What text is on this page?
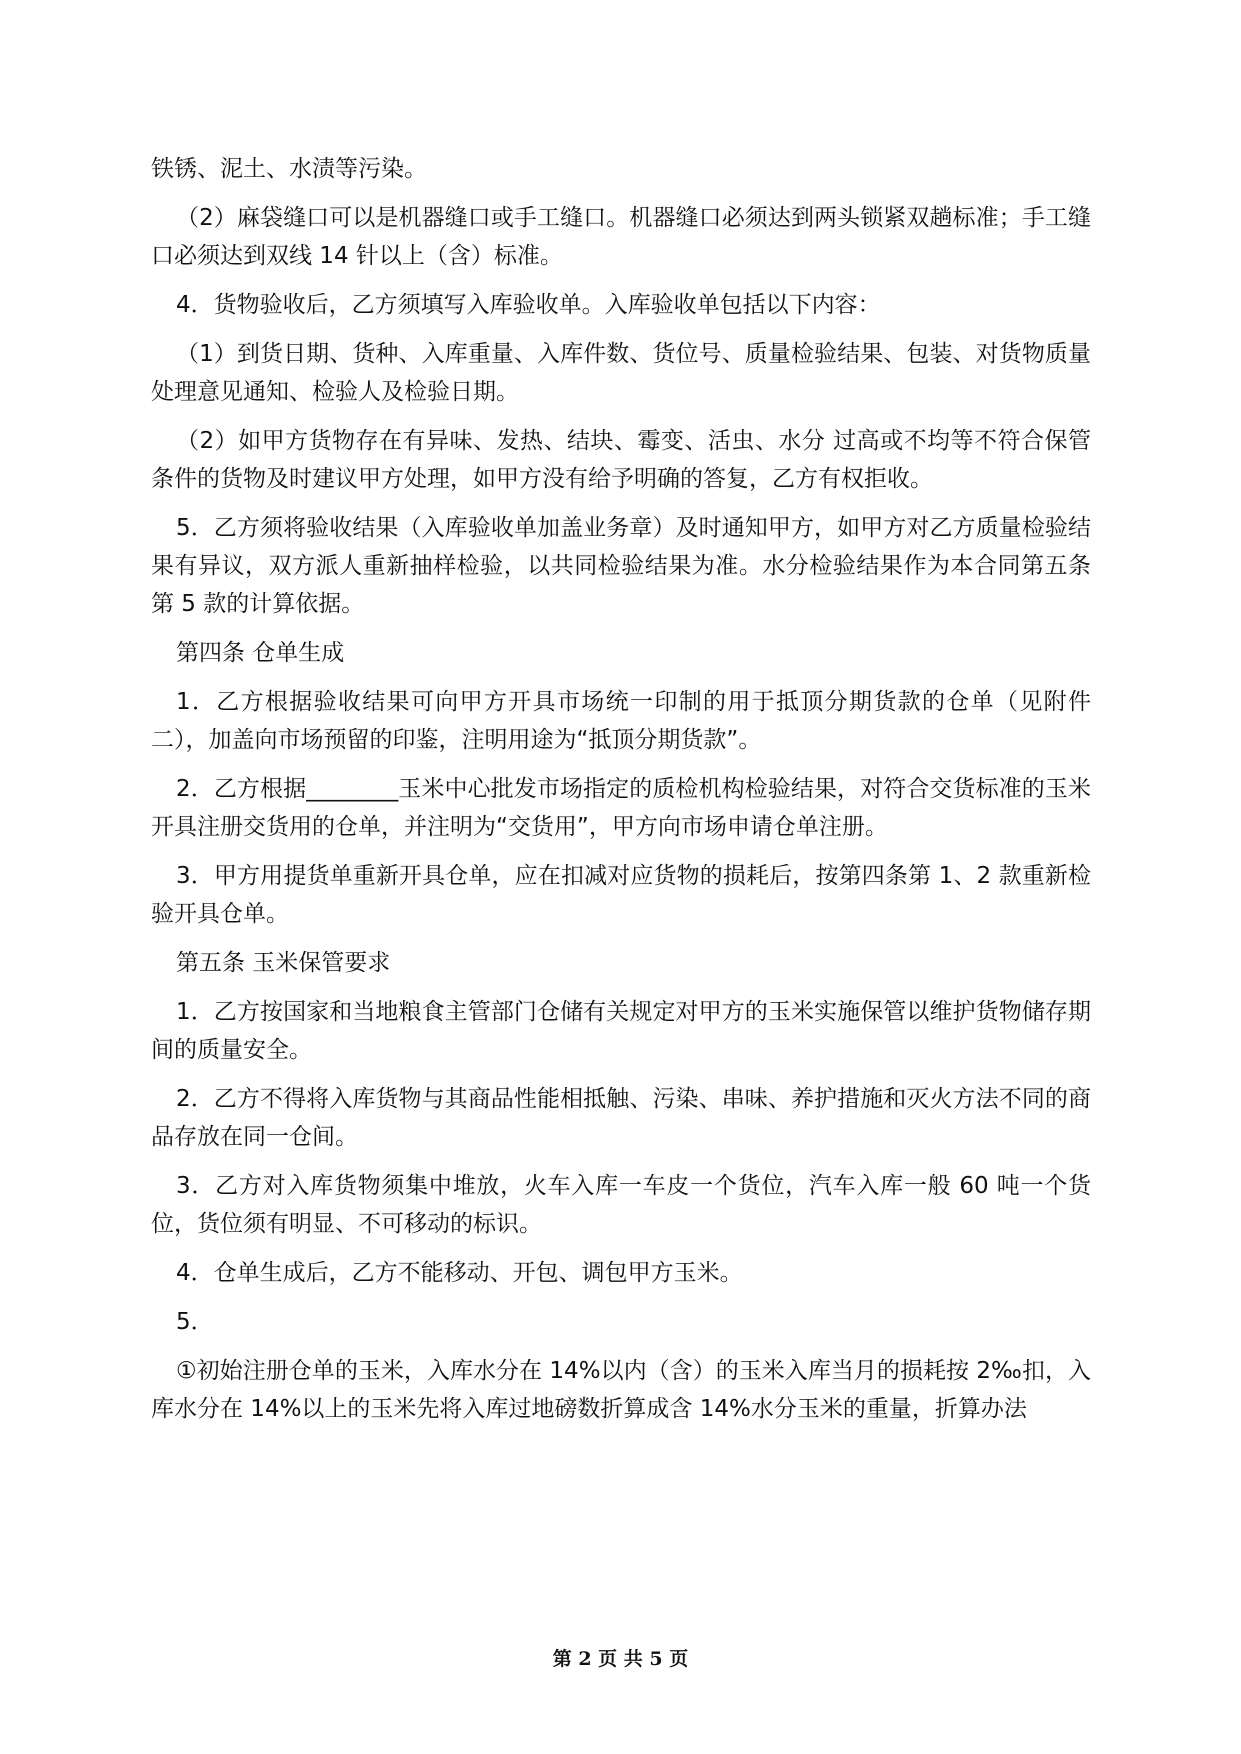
铁锈、泥土、水渍等污染。

（2）麻袋缝口可以是机器缝口或手工缝口。机器缝口必须达到两头锁紧双趟标准；手工缝口必须达到双线 14 针以上（含）标准。

4．货物验收后，乙方须填写入库验收单。入库验收单包括以下内容：

（1）到货日期、货种、入库重量、入库件数、货位号、质量检验结果、包装、对货物质量处理意见通知、检验人及检验日期。

（2）如甲方货物存在有异味、发热、结块、霉变、活虫、水分 过高或不均等不符合保管条件的货物及时建议甲方处理，如甲方没有给予明确的答复，乙方有权拒收。

5．乙方须将验收结果（入库验收单加盖业务章）及时通知甲方，如甲方对乙方质量检验结果有异议，双方派人重新抽样检验，以共同检验结果为准。水分检验结果作为本合同第五条第 5 款的计算依据。

第四条 仓单生成

1．乙方根据验收结果可向甲方开具市场统一印制的用于抵顶分期货款的仓单（见附件二），加盖向市场预留的印鉴，注明用途为“抵顶分期货款”。

2．乙方根据________玉米中心批发市场指定的质检机构检验结果，对符合交货标准的玉米开具注册交货用的仓单，并注明为“交货用”，甲方向市场申请仓单注册。

3．甲方用提货单重新开具仓单，应在扣减对应货物的损耗后，按第四条第 1、2 款重新检验开具仓单。

第五条 玉米保管要求

1．乙方按国家和当地粮食主管部门仓储有关规定对甲方的玉米实施保管以维护货物储存期间的质量安全。

2．乙方不得将入库货物与其商品性能相抵触、污染、串味、养护措施和灭火方法不同的商品存放在同一仓间。

3．乙方对入库货物须集中堆放，火车入库一车皮一个货位，汽车入库一般 60 吨一个货位，货位须有明显、不可移动的标识。

4．仓单生成后，乙方不能移动、开包、调包甲方玉米。

5．

①初始注册仓单的玉米，入库水分在 14%以内（含）的玉米入库当月的损耗按 2‰扣，入库水分在 14%以上的玉米先将入库过地磅数折算成含 14%水分玉米的重量，折算办法

第 2 页 共 5 页
